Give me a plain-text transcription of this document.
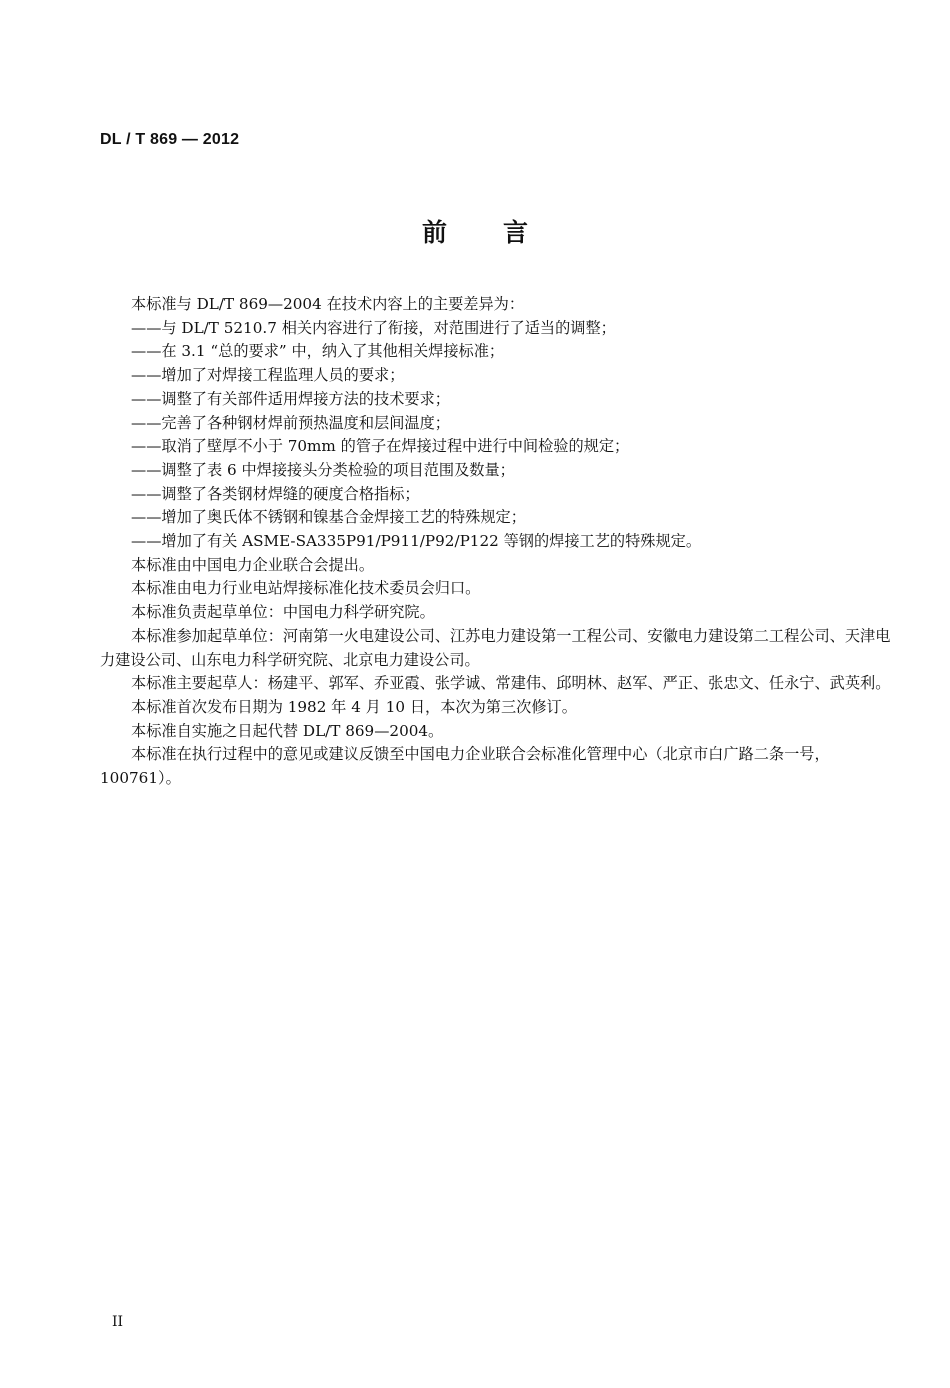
DL / T 869 — 2012
前 言

本标准与 DL/T 869—2004 在技术内容上的主要差异为：

——与 DL/T 5210.7 相关内容进行了衔接，对范围进行了适当的调整；

——在 3.1 “总的要求” 中，纳入了其他相关焊接标准；

——增加了对焊接工程监理人员的要求；

——调整了有关部件适用焊接方法的技术要求；

——完善了各种钢材焊前预热温度和层间温度；

——取消了壁厚不小于 70mm 的管子在焊接过程中进行中间检验的规定；

——调整了表 6 中焊接接头分类检验的项目范围及数量；

——调整了各类钢材焊缝的硬度合格指标；

——增加了奥氏体不锈钢和镍基合金焊接工艺的特殊规定；

——增加了有关 ASME-SA335P91/P911/P92/P122 等钢的焊接工艺的特殊规定。

本标准由中国电力企业联合会提出。

本标准由电力行业电站焊接标准化技术委员会归口。

本标准负责起草单位：中国电力科学研究院。

本标准参加起草单位：河南第一火电建设公司、江苏电力建设第一工程公司、安徽电力建设第二工程公司、天津电力建设公司、山东电力科学研究院、北京电力建设公司。

本标准主要起草人：杨建平、郭军、乔亚霞、张学诚、常建伟、邱明林、赵军、严正、张忠文、任永宁、武英利。

本标准首次发布日期为 1982 年 4 月 10 日，本次为第三次修订。

本标准自实施之日起代替 DL/T 869—2004。

本标准在执行过程中的意见或建议反馈至中国电力企业联合会标准化管理中心（北京市白广路二条一号，100761）。

II
